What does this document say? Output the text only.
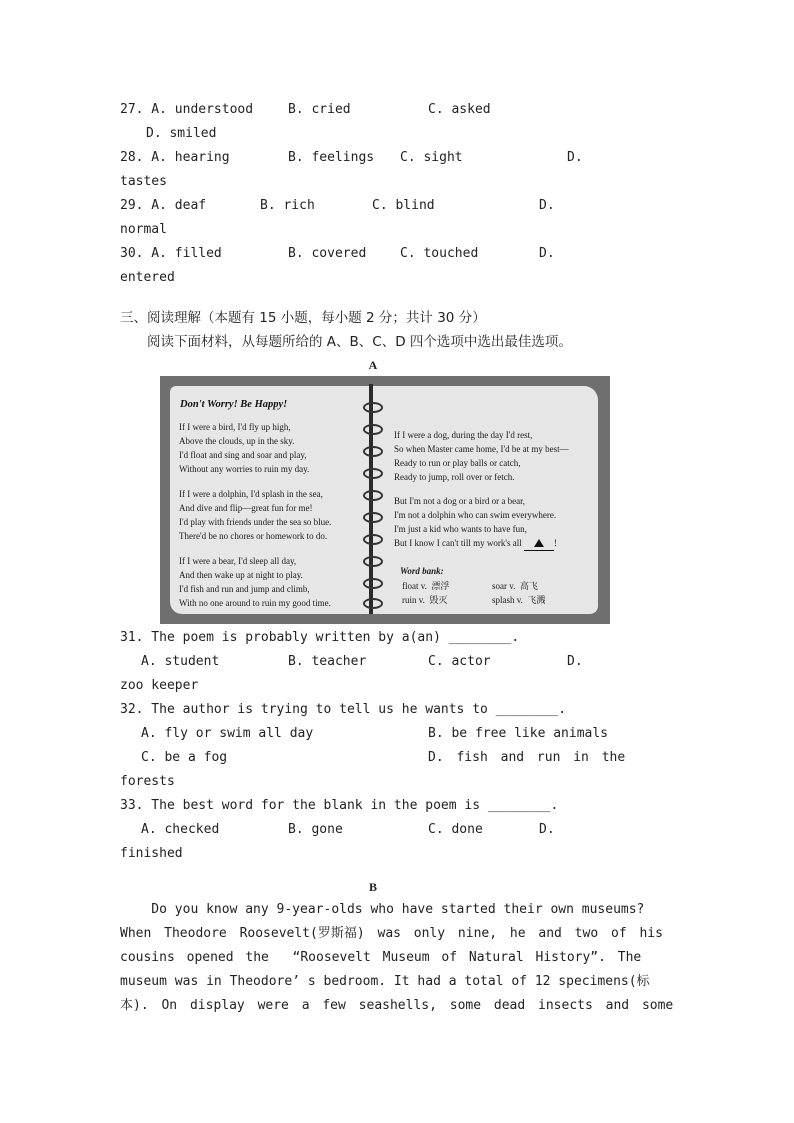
27. A. understood	B. cried	C. asked
D. smiled
28. A. hearing	B. feelings C. sight	D.
tastes
29. A. deaf	B. rich	C. blind	D.
normal
30. A. filled	B. covered	C. touched	D.
entered
三、阅读理解（本题有 15 小题，每小题 2 分；共计 30 分）
阅读下面材料，从每题所给的 A、B、C、D 四个选项中选出最佳选项。
A
Don't Worry! Be Happy!
If I were a bird, I'd fly up high,
Above the clouds, up in the sky.
I'd float and sing and soar and play,
Without any worries to ruin my day.
If I were a dolphin, I'd splash in the sea,
And dive and flip—great fun for me!
I'd play with friends under the sea so blue.
There'd be no chores or homework to do.
If I were a bear, I'd sleep all day,
And then wake up at night to play.
I'd fish and run and jump and climb,
With no one around to ruin my good time.
If I were a dog, during the day I'd rest,
So when Master came home, I'd be at my best—
Ready to run or play balls or catch,
Ready to jump, roll over or fetch.
But I'm not a dog or a bird or a bear,
I'm not a dolphin who can swim everywhere.
I'm just a kid who wants to have fun,
But I know I can't till my work's all	!
Word bank:
float v.  漂浮	soar v.  高飞
ruin v.  毁灭	splash v.  飞溅
31. The poem is probably written by a(an) ________.
A. student	B. teacher	C. actor	D.
zoo keeper
32. The author is trying to tell us he wants to ________.
A. fly or swim all day	B. be free like animals
C. be a fog	D. fish and run in the
forests
33. The best word for the blank in the poem is ________.
A. checked	B. gone	C. done	D.
finished
B
Do you know any 9-year-olds who have started their own museums?
When Theodore Roosevelt(罗斯福) was only nine, he and two of his
cousins opened the  “Roosevelt Museum of Natural History”. The
museum was in Theodore’ s bedroom. It had a total of 12 specimens(标
本). On display were a few seashells, some dead insects and some
